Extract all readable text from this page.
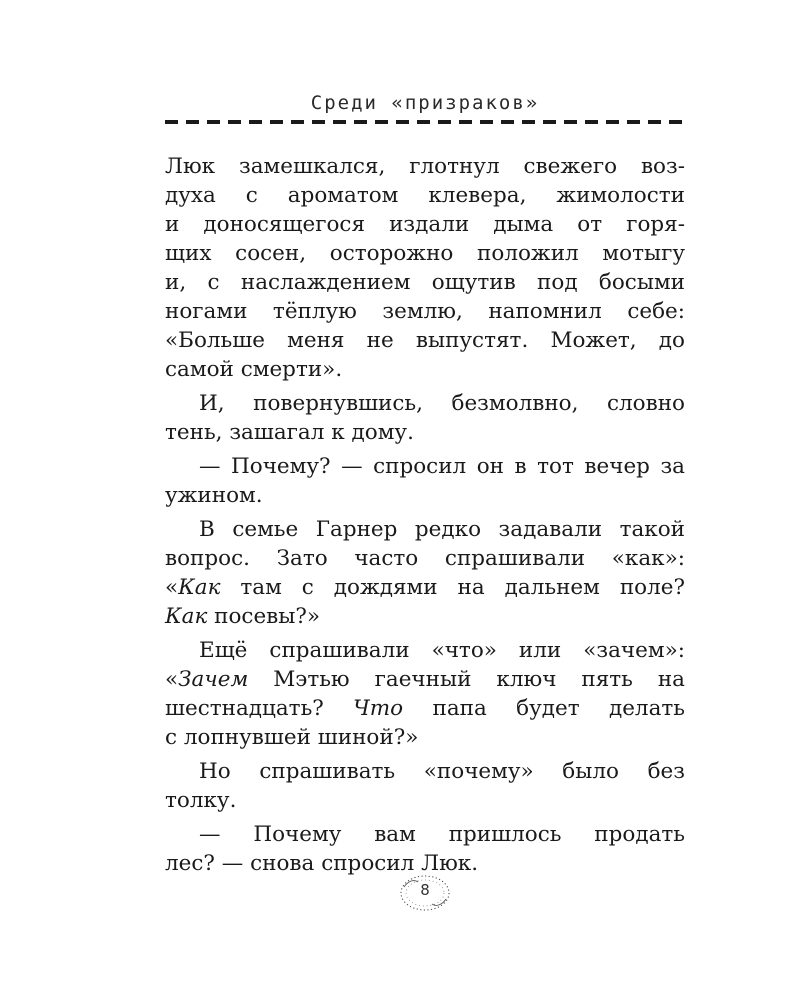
Среди «призраков»
Люк замешкался, глотнул свежего воз-
духа с ароматом клевера, жимолости
и доносящегося издали дыма от горя-
щих сосен, осторожно положил мотыгу
и, с наслаждением ощутив под босыми
ногами тёплую землю, напомнил себе:
«Больше меня не выпустят. Может, до
самой смерти».
И, повернувшись, безмолвно, словно
тень, зашагал к дому.
— Почему? — спросил он в тот вечер за
ужином.
В семье Гарнер редко задавали такой
вопрос. Зато часто спрашивали «как»:
«Как там с дождями на дальнем поле?
Как посевы?»
Ещё спрашивали «что» или «зачем»:
«Зачем Мэтью гаечный ключ пять на
шестнадцать? Что папа будет делать
с лопнувшей шиной?»
Но спрашивать «почему» было без
толку.
— Почему вам пришлось продать
лес? — снова спросил Люк.
8
